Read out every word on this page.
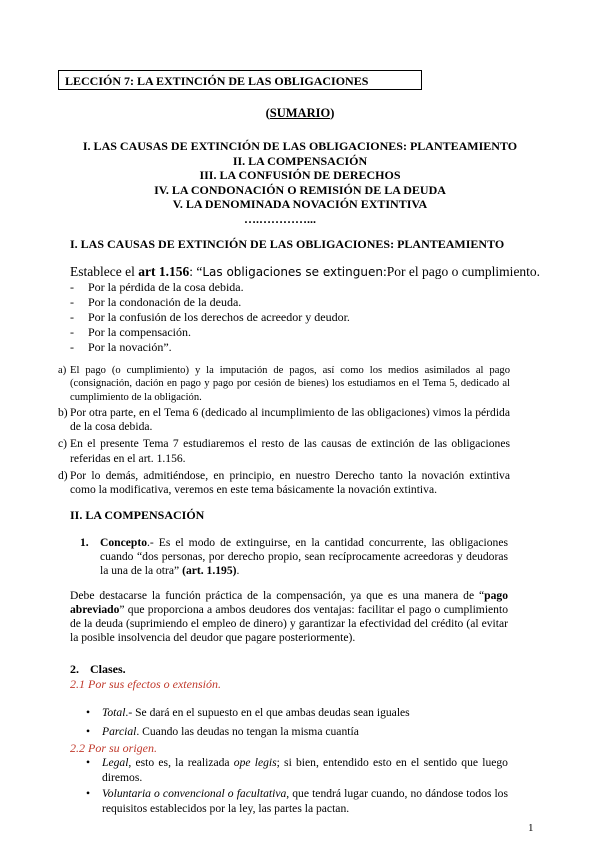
LECCIÓN 7: LA EXTINCIÓN DE LAS OBLIGACIONES
(SUMARIO)
I. LAS CAUSAS DE EXTINCIÓN DE LAS OBLIGACIONES: PLANTEAMIENTO
II. LA COMPENSACIÓN
III. LA CONFUSIÓN DE DERECHOS
IV. LA CONDONACIÓN O REMISIÓN DE LA DEUDA
V. LA DENOMINADA NOVACIÓN EXTINTIVA
….…………...
I. LAS CAUSAS DE EXTINCIÓN DE LAS OBLIGACIONES: PLANTEAMIENTO
Establece el art 1.156: “Las obligaciones se extinguen:Por el pago o cumplimiento.
-	Por la pérdida de la cosa debida.
-	Por la condonación de la deuda.
-	Por la confusión de los derechos de acreedor y deudor.
-	Por la compensación.
-	Por la novación”.
a) El pago (o cumplimiento) y la imputación de pagos, así como los medios asimilados al pago (consignación, dación en pago y pago por cesión de bienes) los estudiamos en el Tema 5, dedicado al cumplimiento de la obligación.
b) Por otra parte, en el Tema 6 (dedicado al incumplimiento de las obligaciones) vimos la pérdida de la cosa debida.
c) En el presente Tema 7 estudiaremos el resto de las causas de extinción de las obligaciones referidas en el art. 1.156.
d) Por lo demás, admitiéndose, en principio, en nuestro Derecho tanto la novación extintiva como la modificativa, veremos en este tema básicamente la novación extintiva.
II. LA COMPENSACIÓN
1. Concepto.- Es el modo de extinguirse, en la cantidad concurrente, las obligaciones cuando “dos personas, por derecho propio, sean recíprocamente acreedoras y deudoras la una de la otra” (art. 1.195).
Debe destacarse la función práctica de la compensación, ya que es una manera de “pago abreviado” que proporciona a ambos deudores dos ventajas: facilitar el pago o cumplimiento de la deuda (suprimiendo el empleo de dinero) y garantizar la efectividad del crédito (al evitar la posible insolvencia del deudor que pagare posteriormente).
2. Clases.
2.1 Por sus efectos o extensión.
•	Total.- Se dará en el supuesto en el que ambas deudas sean iguales
•	Parcial. Cuando las deudas no tengan la misma cuantía
2.2 Por su origen.
•	Legal, esto es, la realizada ope legis; si bien, entendido esto en el sentido que luego diremos.
•	Voluntaria o convencional o facultativa, que tendrá lugar cuando, no dándose todos los requisitos establecidos por la ley, las partes la pactan.
1
